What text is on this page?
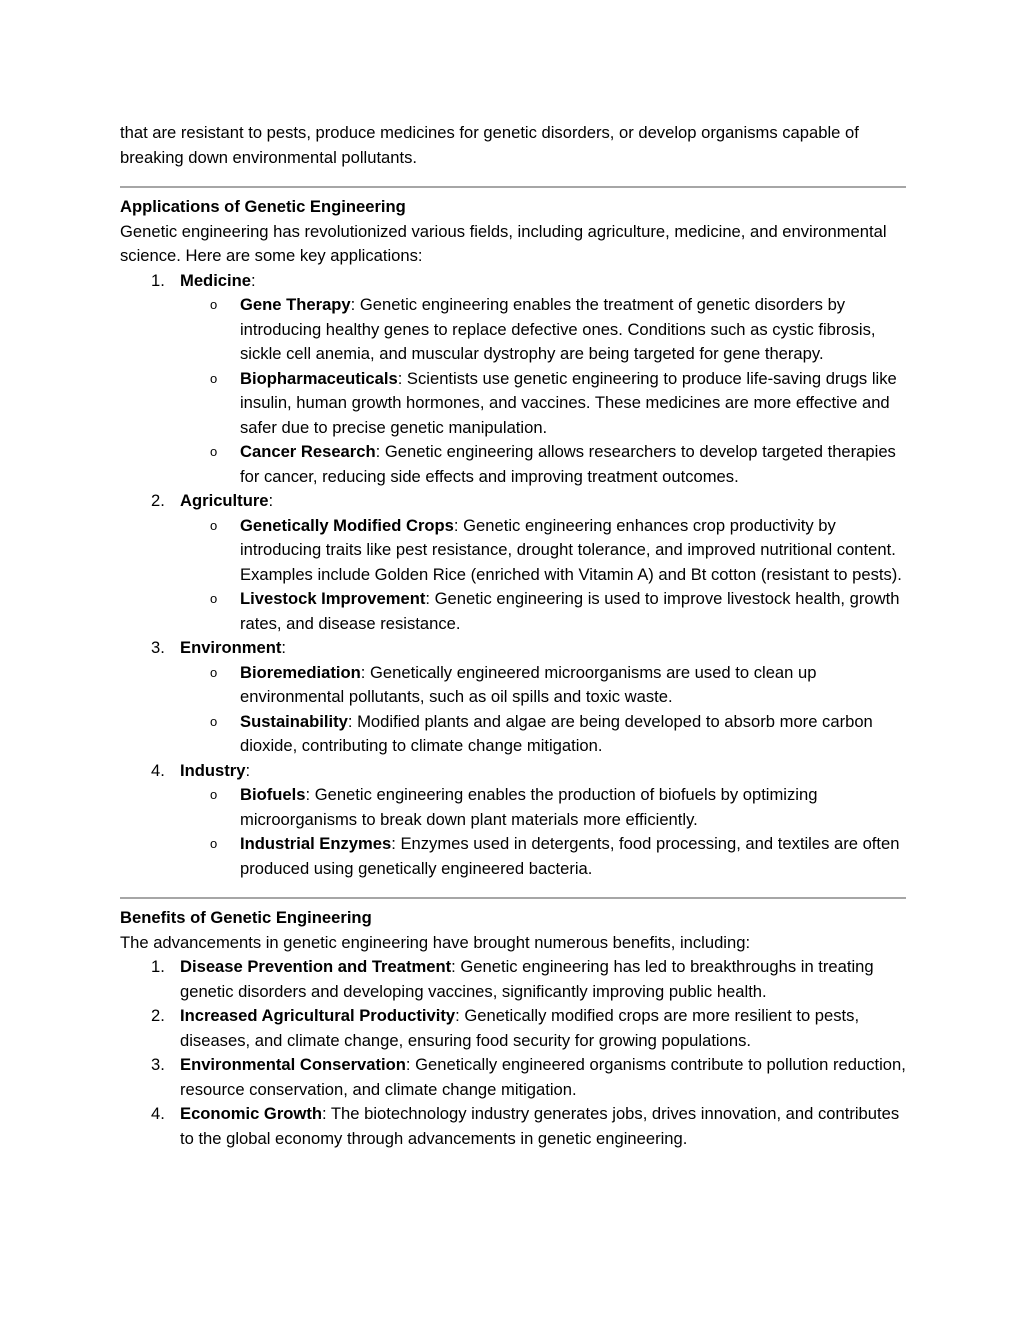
that are resistant to pests, produce medicines for genetic disorders, or develop organisms capable of breaking down environmental pollutants.

Applications of Genetic Engineering

Genetic engineering has revolutionized various fields, including agriculture, medicine, and environmental science. Here are some key applications:

1. Medicine:
o Gene Therapy: Genetic engineering enables the treatment of genetic disorders by introducing healthy genes to replace defective ones. Conditions such as cystic fibrosis, sickle cell anemia, and muscular dystrophy are being targeted for gene therapy.
o Biopharmaceuticals: Scientists use genetic engineering to produce life-saving drugs like insulin, human growth hormones, and vaccines. These medicines are more effective and safer due to precise genetic manipulation.
o Cancer Research: Genetic engineering allows researchers to develop targeted therapies for cancer, reducing side effects and improving treatment outcomes.
2. Agriculture:
o Genetically Modified Crops: Genetic engineering enhances crop productivity by introducing traits like pest resistance, drought tolerance, and improved nutritional content. Examples include Golden Rice (enriched with Vitamin A) and Bt cotton (resistant to pests).
o Livestock Improvement: Genetic engineering is used to improve livestock health, growth rates, and disease resistance.
3. Environment:
o Bioremediation: Genetically engineered microorganisms are used to clean up environmental pollutants, such as oil spills and toxic waste.
o Sustainability: Modified plants and algae are being developed to absorb more carbon dioxide, contributing to climate change mitigation.
4. Industry:
o Biofuels: Genetic engineering enables the production of biofuels by optimizing microorganisms to break down plant materials more efficiently.
o Industrial Enzymes: Enzymes used in detergents, food processing, and textiles are often produced using genetically engineered bacteria.

Benefits of Genetic Engineering

The advancements in genetic engineering have brought numerous benefits, including:

1. Disease Prevention and Treatment: Genetic engineering has led to breakthroughs in treating genetic disorders and developing vaccines, significantly improving public health.
2. Increased Agricultural Productivity: Genetically modified crops are more resilient to pests, diseases, and climate change, ensuring food security for growing populations.
3. Environmental Conservation: Genetically engineered organisms contribute to pollution reduction, resource conservation, and climate change mitigation.
4. Economic Growth: The biotechnology industry generates jobs, drives innovation, and contributes to the global economy through advancements in genetic engineering.
